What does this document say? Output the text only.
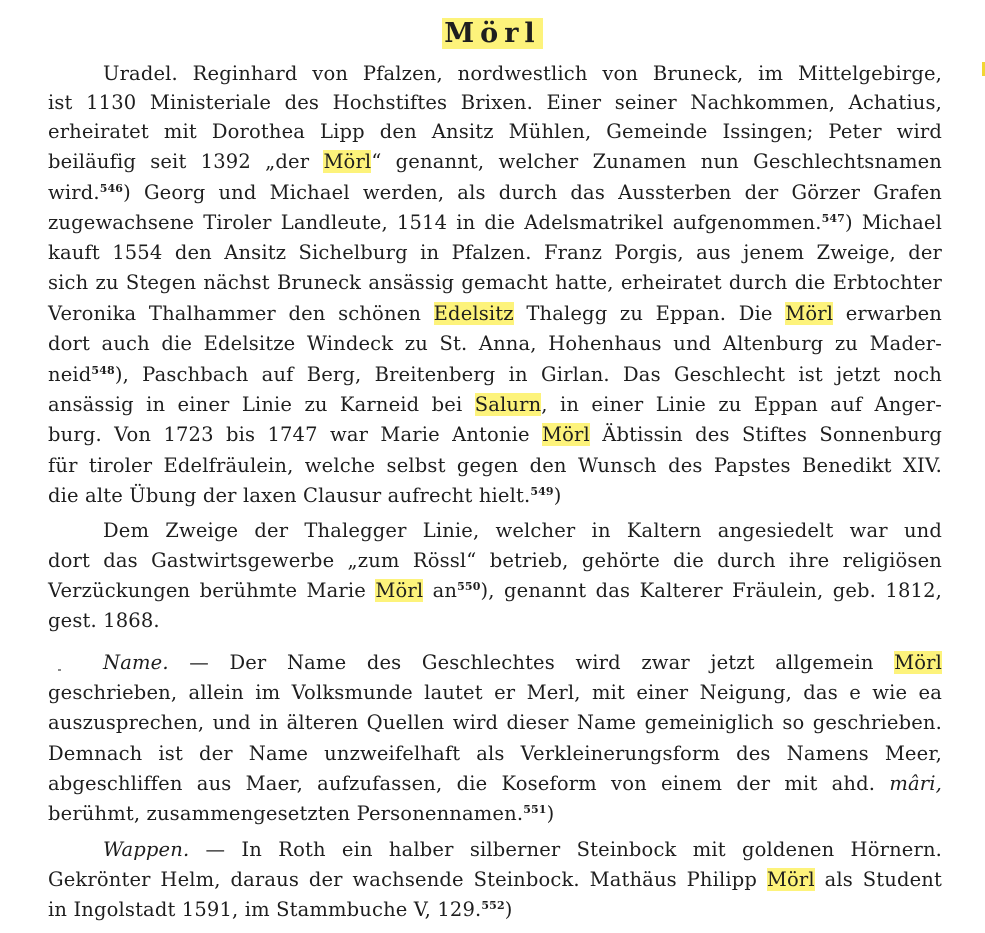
Mörl
Uradel. Reginhard von Pfalzen, nordwestlich von Bruneck, im Mittelgebirge,
ist 1130 Ministeriale des Hochstiftes Brixen. Einer seiner Nachkommen, Achatius,
erheiratet mit Dorothea Lipp den Ansitz Mühlen, Gemeinde Issingen; Peter wird
beiläufig seit 1392 „der Mörl“ genannt, welcher Zunamen nun Geschlechtsnamen
wird.$^{546}$) Georg und Michael werden, als durch das Aussterben der Görzer Grafen
zugewachsene Tiroler Landleute, 1514 in die Adelsmatrikel aufgenommen.$^{547}$) Michael
kauft 1554 den Ansitz Sichelburg in Pfalzen. Franz Porgis, aus jenem Zweige, der
sich zu Stegen nächst Bruneck ansässig gemacht hatte, erheiratet durch die Erbtochter
Veronika Thalhammer den schönen Edelsitz Thalegg zu Eppan. Die Mörl erwarben
dort auch die Edelsitze Windeck zu St. Anna, Hohenhaus und Altenburg zu Mader-
neid$^{548}$), Paschbach auf Berg, Breitenberg in Girlan. Das Geschlecht ist jetzt noch
ansässig in einer Linie zu Karneid bei Salurn, in einer Linie zu Eppan auf Anger-
burg. Von 1723 bis 1747 war Marie Antonie Mörl Äbtissin des Stiftes Sonnenburg
für tiroler Edelfräulein, welche selbst gegen den Wunsch des Papstes Benedikt XIV.
die alte Übung der laxen Clausur aufrecht hielt.$^{549}$)
Dem Zweige der Thalegger Linie, welcher in Kaltern angesiedelt war und
dort das Gastwirtsgewerbe „zum Rössl“ betrieb, gehörte die durch ihre religiösen
Verzückungen berühmte Marie Mörl $an^{550}$), genannt das Kalterer Fräulein, geb. 1812,
gest. 1868.
Name. — Der Name des Geschlechtes wird zwar jetzt allgemein Mörl
geschrieben, allein im Volksmunde lautet er Merl, mit einer Neigung, das e wie ea
auszusprechen, und in älteren Quellen wird dieser Name gemeiniglich so geschrieben.
Demnach ist der Name unzweifelhaft als Verkleinerungsform des Namens Meer,
abgeschliffen aus Maer, aufzufassen, die Koseform von einem der mit ahd. mâri,
berühmt, zusammengesetzten Personennamen.$^{551}$)
Wappen. — In Roth ein halber silberner Steinbock mit goldenen Hörnern.
Gekrönter Helm, daraus der wachsende Steinbock. Mathäus Philipp Mörl als Student
in Ingolstadt 1591, im Stammbuche V, 129.$^{552}$)
